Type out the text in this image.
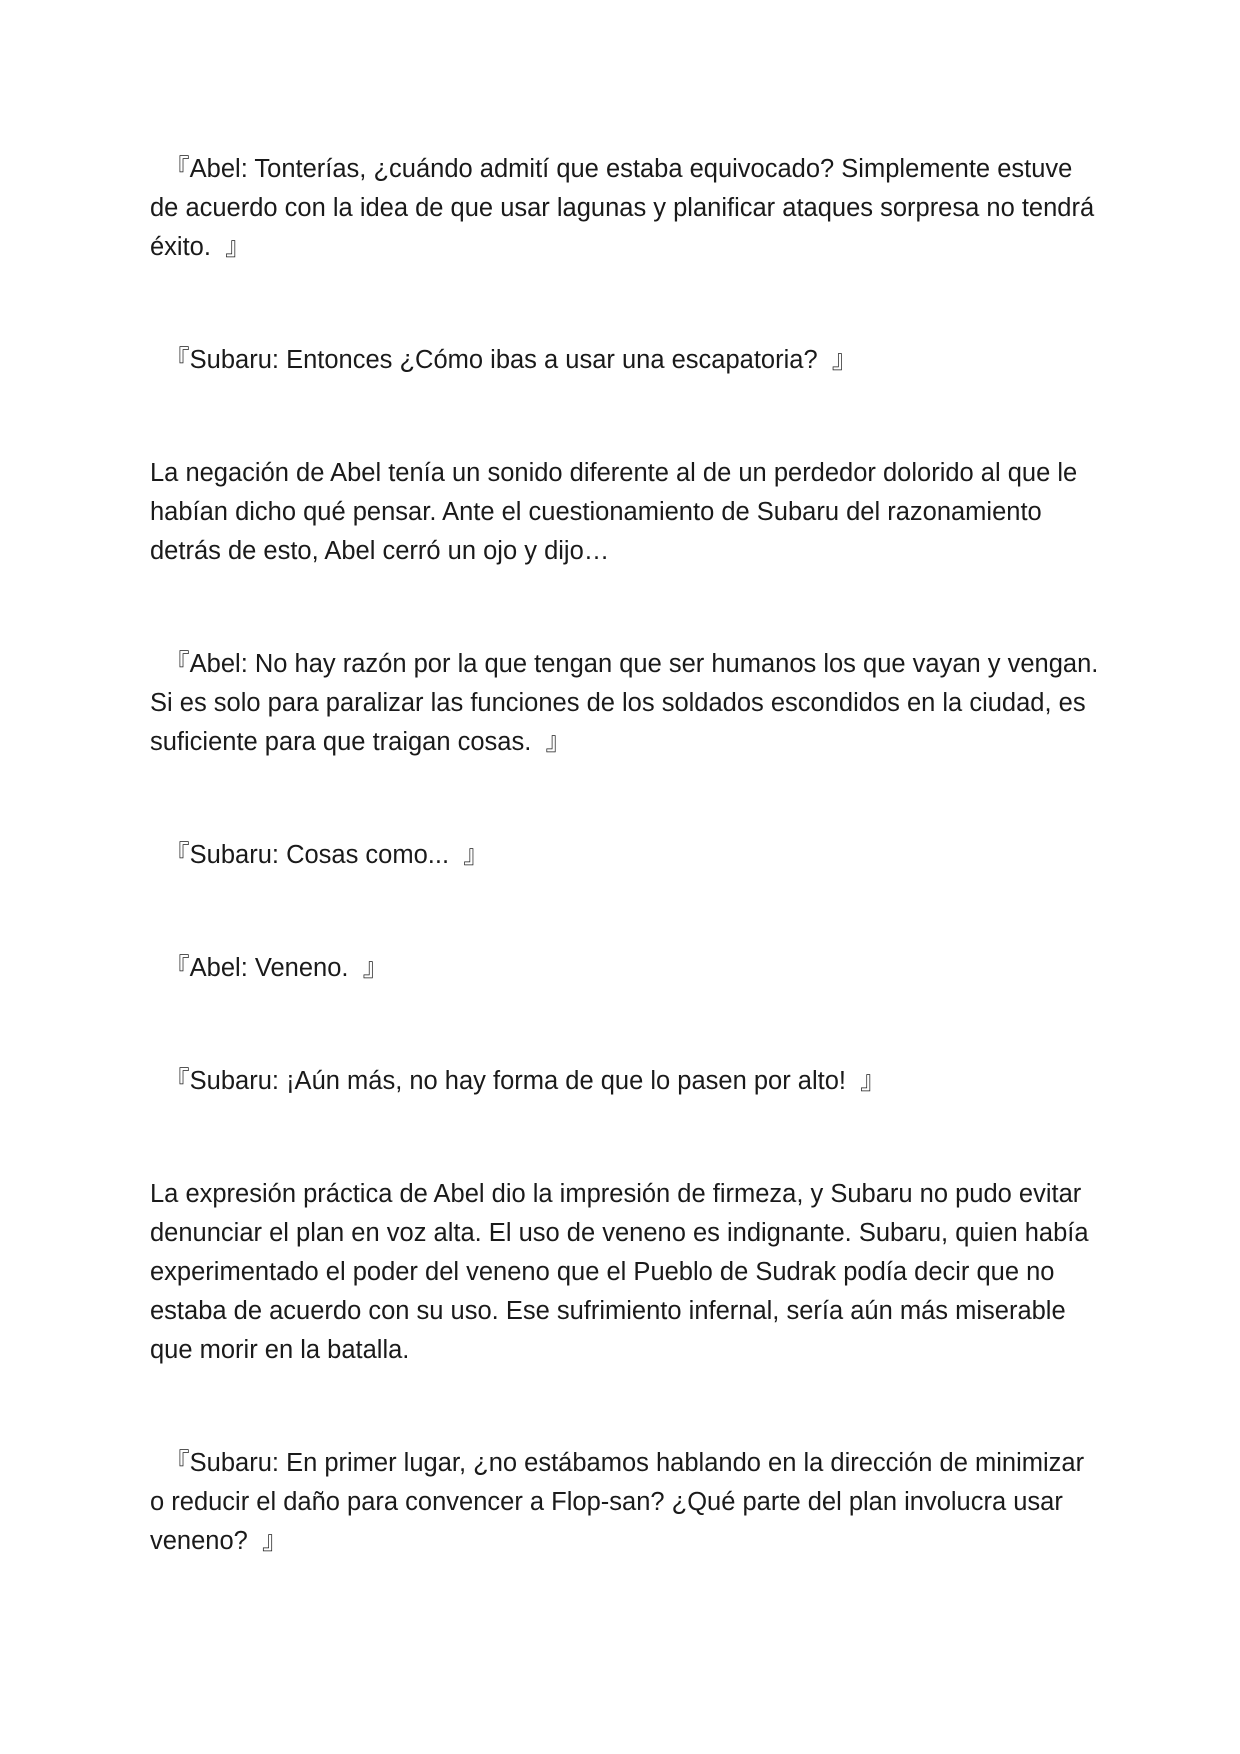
『Abel: Tonterías, ¿cuándo admití que estaba equivocado? Simplemente estuve de acuerdo con la idea de que usar lagunas y planificar ataques sorpresa no tendrá éxito.  』

『Subaru: Entonces ¿Cómo ibas a usar una escapatoria?  』

La negación de Abel tenía un sonido diferente al de un perdedor dolorido al que le habían dicho qué pensar. Ante el cuestionamiento de Subaru del razonamiento detrás de esto, Abel cerró un ojo y dijo…

『Abel: No hay razón por la que tengan que ser humanos los que vayan y vengan. Si es solo para paralizar las funciones de los soldados escondidos en la ciudad, es suficiente para que traigan cosas.  』

『Subaru: Cosas como...  』

『Abel: Veneno.  』

『Subaru: ¡Aún más, no hay forma de que lo pasen por alto!  』

La expresión práctica de Abel dio la impresión de firmeza, y Subaru no pudo evitar denunciar el plan en voz alta. El uso de veneno es indignante. Subaru, quien había experimentado el poder del veneno que el Pueblo de Sudrak podía decir que no estaba de acuerdo con su uso. Ese sufrimiento infernal, sería aún más miserable que morir en la batalla.

『Subaru: En primer lugar, ¿no estábamos hablando en la dirección de minimizar o reducir el daño para convencer a Flop-san? ¿Qué parte del plan involucra usar veneno?  』
